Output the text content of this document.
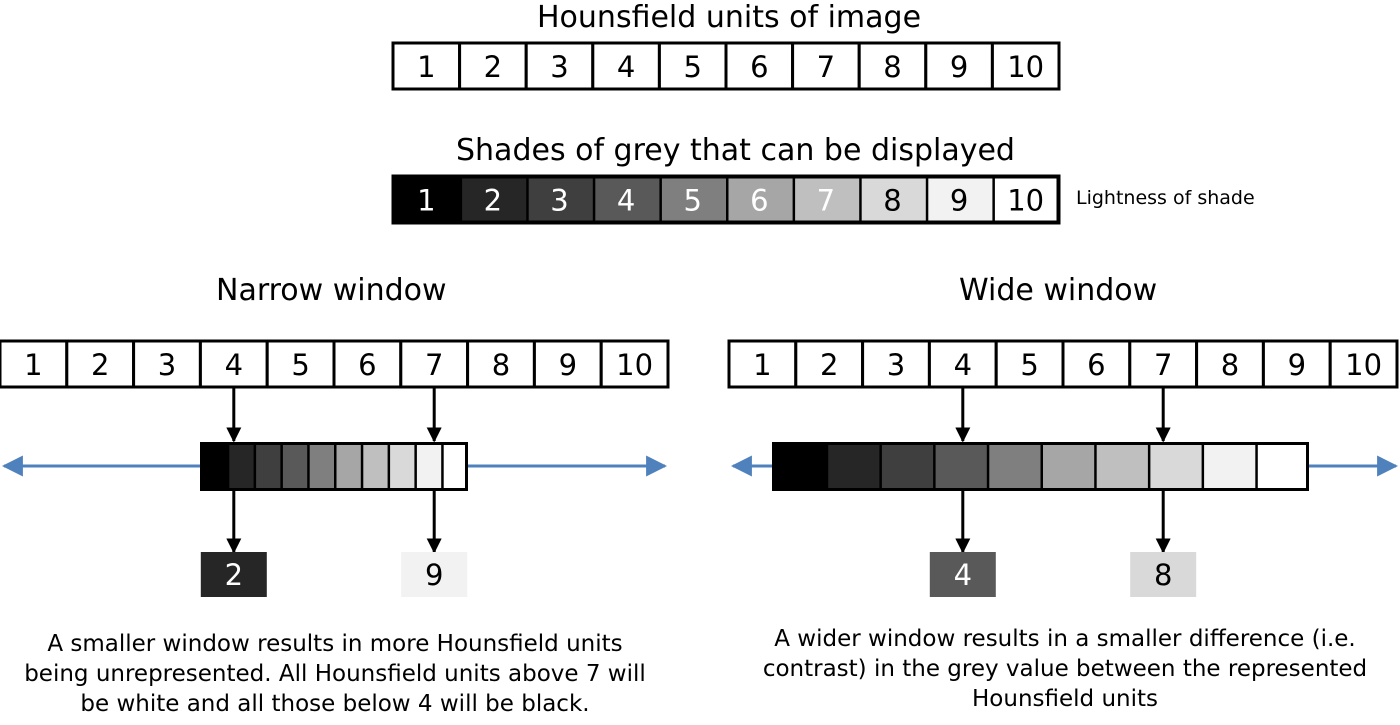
Hounsfield units of image
Shades of grey that can be displayed
Lightness of shade
Narrow window	Wide window
A smaller window results in more Hounsfield units
being unrepresented. All Hounsfield units above 7 will
be white and all those below 4 will be black.
A wider window results in a smaller difference (i.e.
contrast) in the grey value between the represented
Hounsfield units
1 2 3 4 5 6 7 8 9 10
1 2 3 4 5 6 7 8 9 10
1 2 3 4 5 6 7 8 9 10
2	9
1 2 3 4 5 6 7 8 9 10
4	8
